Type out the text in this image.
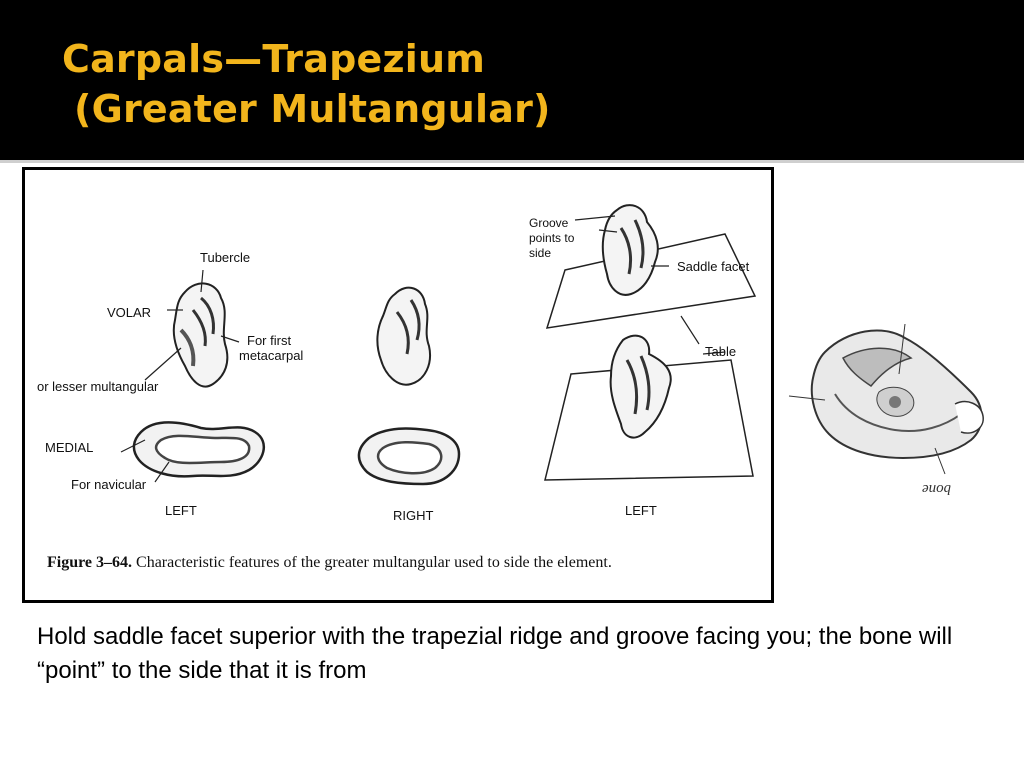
Carpals—Trapezium
(Greater Multangular)
Tubercle
VOLAR
For first
metacarpal
or lesser multangular
MEDIAL
For navicular
LEFT	RIGHT	LEFT
Groove
points to
side
Saddle facet
Table
Figure 3–64. Characteristic features of the greater multangular used to side the element.
bone
Hold saddle facet superior with the trapezial ridge and groove facing you; the bone will “point” to the side that it is from
